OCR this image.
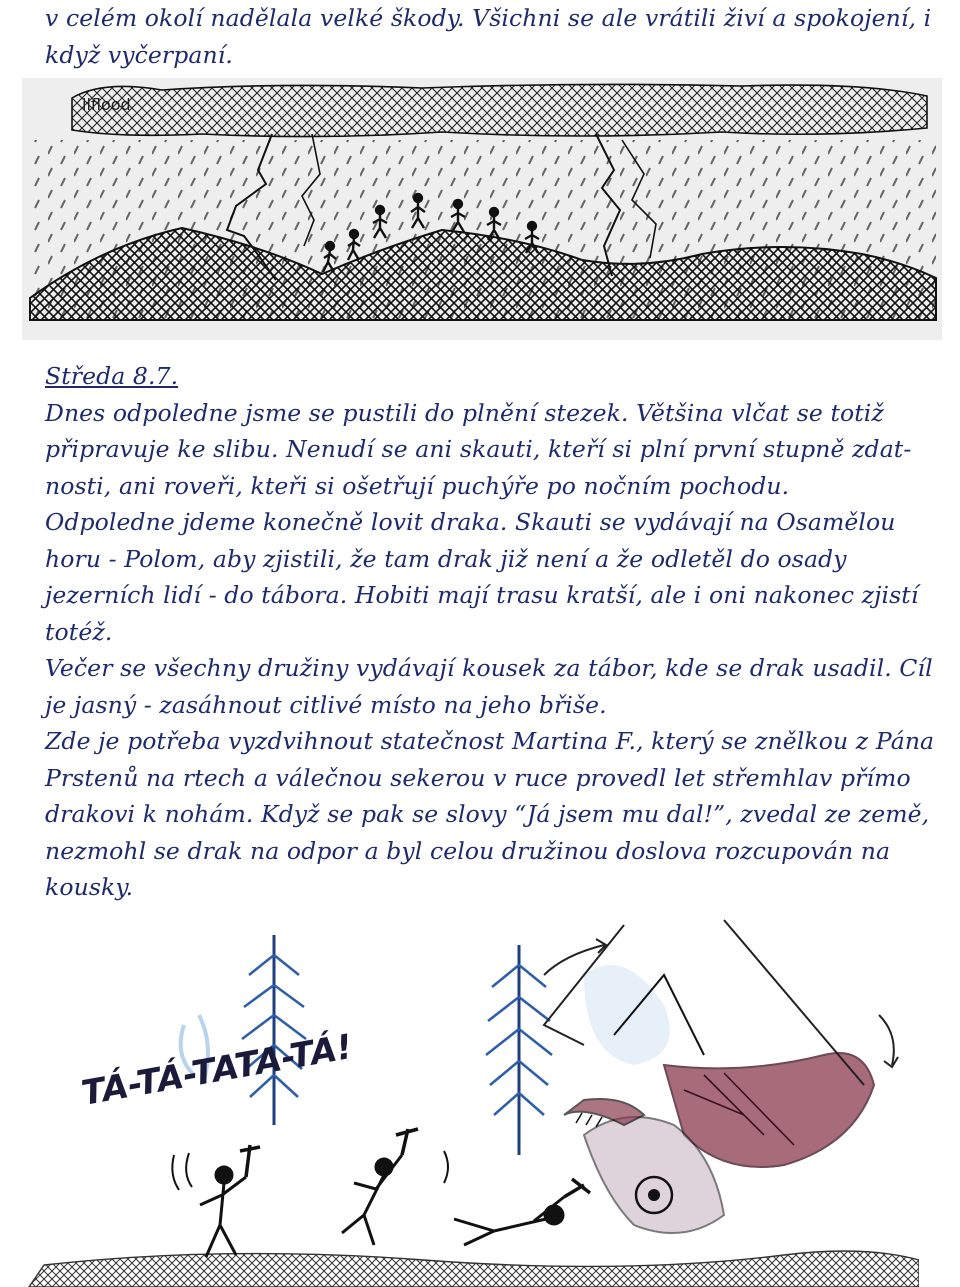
v celém okolí nadělala velké škody. Všichni se ale vrátili živí a spokojení, i
když vyčerpaní.
ilflood
Středa 8.7.
Dnes odpoledne jsme se pustili do plnění stezek. Většina vlčat se totiž
připravuje ke slibu. Nenudí se ani skauti, kteří si plní první stupně zdat-
nosti, ani roveři, kteři si ošetřují puchýře po nočním pochodu.
Odpoledne jdeme konečně lovit draka. Skauti se vydávají na Osamělou
horu - Polom, aby zjistili, že tam drak již není a že odletěl do osady
jezerních lidí - do tábora. Hobiti mají trasu kratší, ale i oni nakonec zjistí
totéž.
Večer se všechny družiny vydávají kousek za tábor, kde se drak usadil. Cíl
je jasný - zasáhnout citlivé místo na jeho břiše.
Zde je potřeba vyzdvihnout statečnost Martina F., který se znělkou z Pána
Prstenů na rtech a válečnou sekerou v ruce provedl let střemhlav přímo
drakovi k nohám. Když se pak se slovy “Já jsem mu dal!”, zvedal ze země,
nezmohl se drak na odpor a byl celou družinou doslova rozcupován na
kousky.
TÁ-TÁ-TATA-TÁ!
